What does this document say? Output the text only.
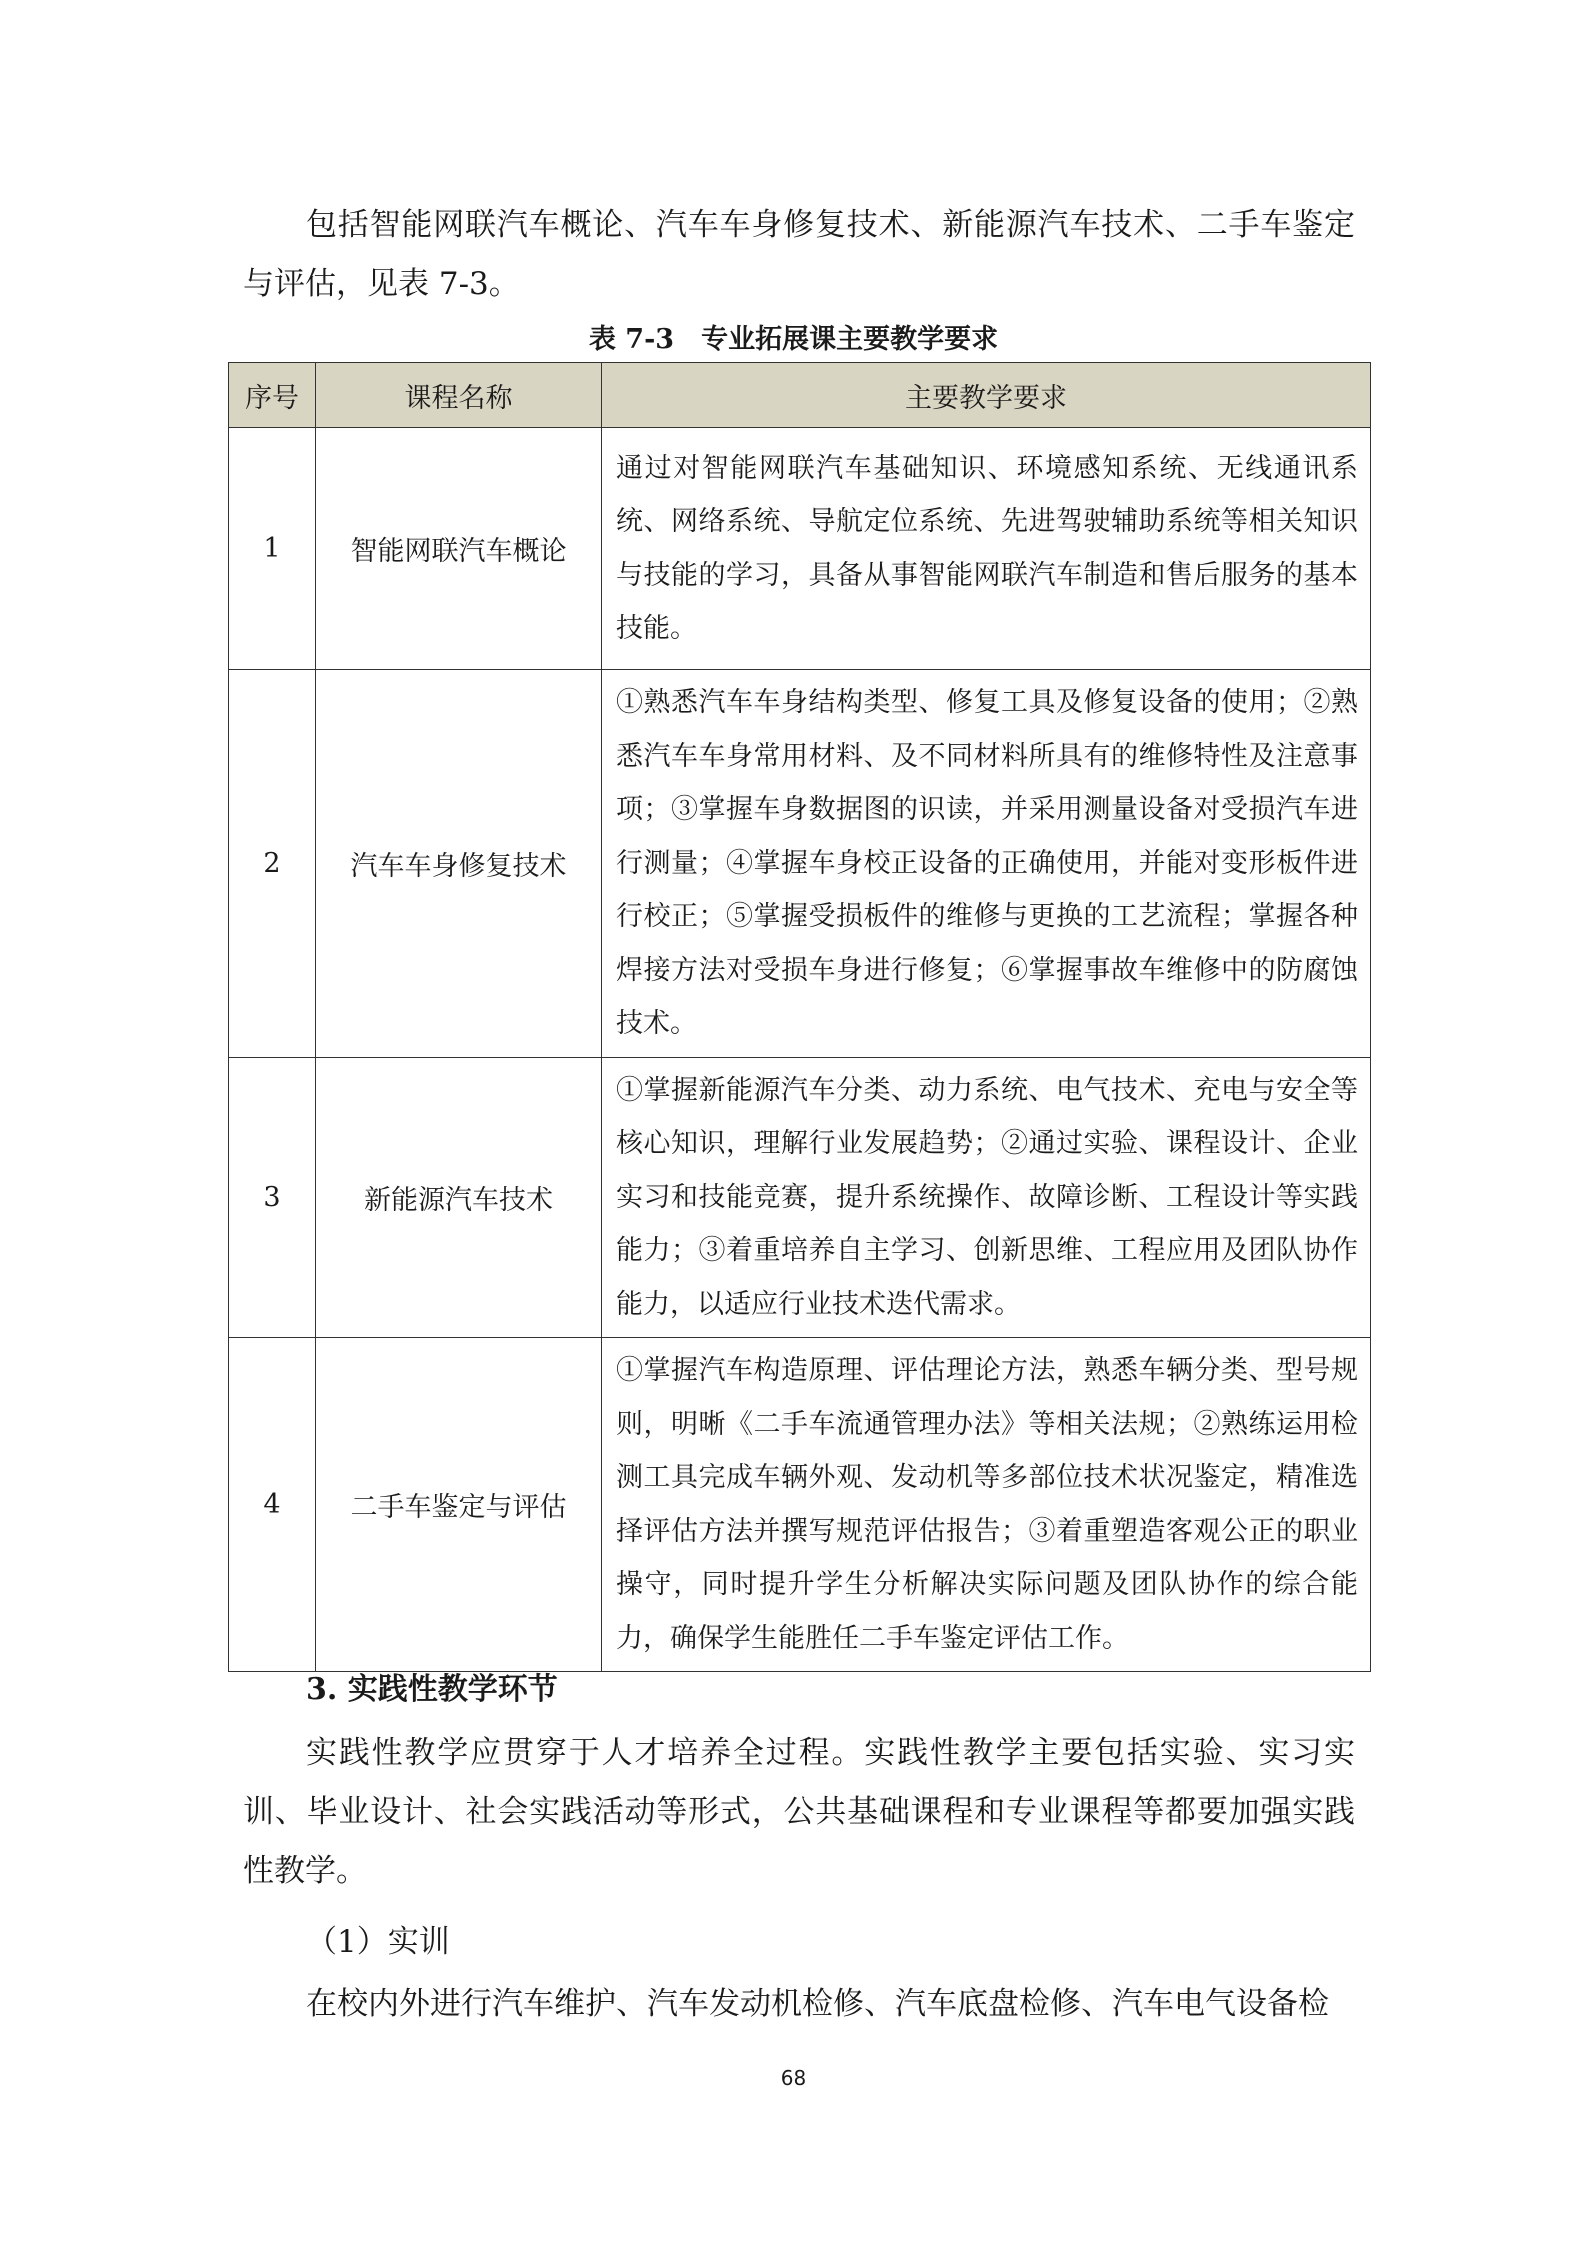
包括智能网联汽车概论、汽车车身修复技术、新能源汽车技术、二手车鉴定与评估，见表 7-3。

表 7-3　专业拓展课主要教学要求
序号	课程名称	主要教学要求
1	智能网联汽车概论	通过对智能网联汽车基础知识、环境感知系统、无线通讯系统、网络系统、导航定位系统、先进驾驶辅助系统等相关知识与技能的学习，具备从事智能网联汽车制造和售后服务的基本技能。
2	汽车车身修复技术	①熟悉汽车车身结构类型、修复工具及修复设备的使用；②熟悉汽车车身常用材料、及不同材料所具有的维修特性及注意事项；③掌握车身数据图的识读，并采用测量设备对受损汽车进行测量；④掌握车身校正设备的正确使用，并能对变形板件进行校正；⑤掌握受损板件的维修与更换的工艺流程；掌握各种焊接方法对受损车身进行修复；⑥掌握事故车维修中的防腐蚀技术。
3	新能源汽车技术	①掌握新能源汽车分类、动力系统、电气技术、充电与安全等核心知识，理解行业发展趋势；②通过实验、课程设计、企业实习和技能竞赛，提升系统操作、故障诊断、工程设计等实践能力；③着重培养自主学习、创新思维、工程应用及团队协作能力，以适应行业技术迭代需求。
4	二手车鉴定与评估	①掌握汽车构造原理、评估理论方法，熟悉车辆分类、型号规则，明晰《二手车流通管理办法》等相关法规；②熟练运用检测工具完成车辆外观、发动机等多部位技术状况鉴定，精准选择评估方法并撰写规范评估报告；③着重塑造客观公正的职业操守，同时提升学生分析解决实际问题及团队协作的综合能力，确保学生能胜任二手车鉴定评估工作。
3. 实践性教学环节

实践性教学应贯穿于人才培养全过程。实践性教学主要包括实验、实习实训、毕业设计、社会实践活动等形式，公共基础课程和专业课程等都要加强实践性教学。

（1）实训

在校内外进行汽车维护、汽车发动机检修、汽车底盘检修、汽车电气设备检

68
